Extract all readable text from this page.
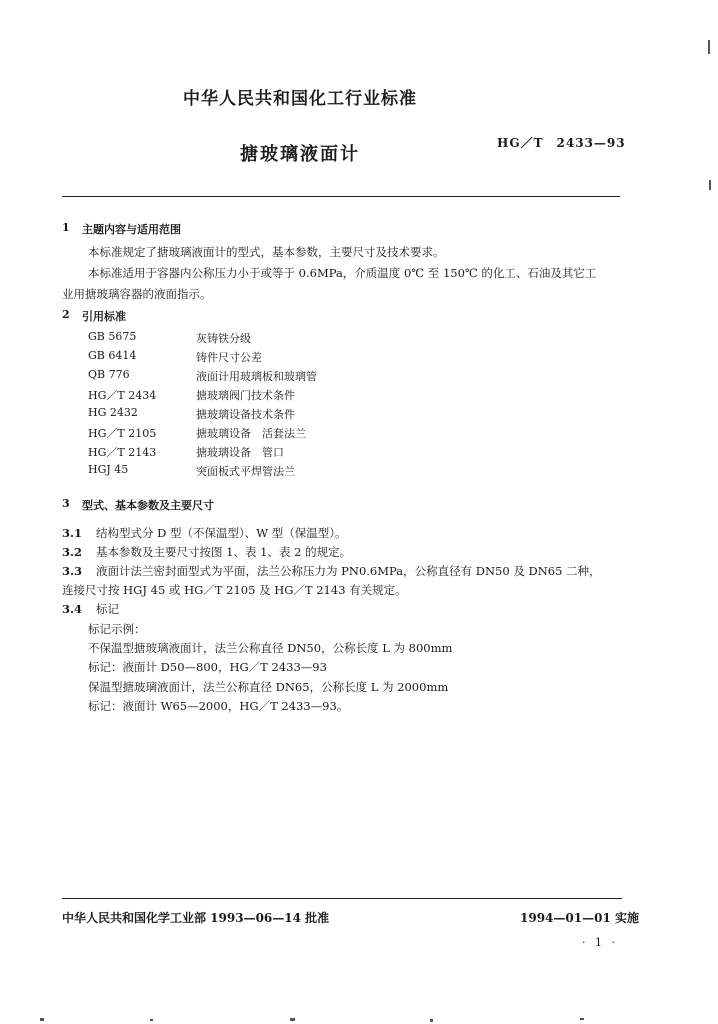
中华人民共和国化工行业标准
搪玻璃液面计
HG／T　2433—93
1 主题内容与适用范围
本标准规定了搪玻璃液面计的型式，基本参数，主要尺寸及技术要求。
本标准适用于容器内公称压力小于或等于 0.6MPa，介质温度 0℃ 至 150℃ 的化工、石油及其它工
业用搪玻璃容器的液面指示。
2 引用标准
GB 5675	灰铸铁分级
GB 6414	铸件尺寸公差
QB 776	液面计用玻璃板和玻璃管
HG／T 2434	搪玻璃阀门技术条件
HG 2432	搪玻璃设备技术条件
HG／T 2105	搪玻璃设备　活套法兰
HG／T 2143	搪玻璃设备　管口
HGJ 45	突面板式平焊管法兰
3 型式、基本参数及主要尺寸
3.1 结构型式分 D 型（不保温型）、W 型（保温型）。
3.2 基本参数及主要尺寸按图 1、表 1、表 2 的规定。
3.3 液面计法兰密封面型式为平面，法兰公称压力为 PN0.6MPa，公称直径有 DN50 及 DN65 二种，
连接尺寸按 HGJ 45 或 HG／T 2105 及 HG／T 2143 有关规定。
3.4 标记
标记示例：
不保温型搪玻璃液面计，法兰公称直径 DN50，公称长度 L 为 800mm
标记：液面计 D50—800，HG／T 2433—93
保温型搪玻璃液面计，法兰公称直径 DN65，公称长度 L 为 2000mm
标记：液面计 W65—2000，HG／T 2433—93。
中华人民共和国化学工业部 1993—06—14 批准	1994—01—01 实施
· 1 ·
